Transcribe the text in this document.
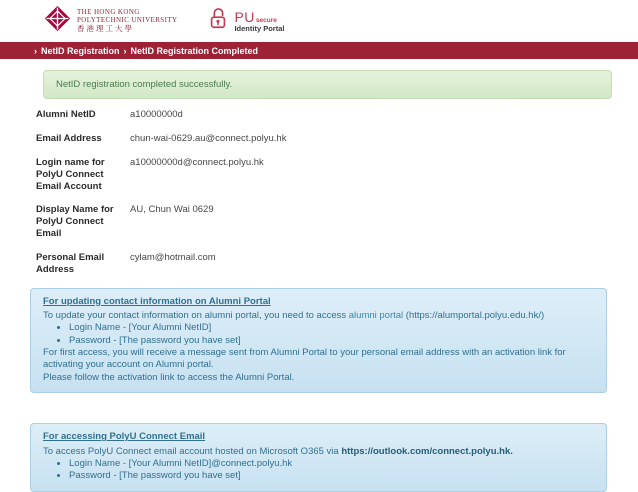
THE HONG KONG
POLYTECHNIC UNIVERSITY
香港理工大學
PU secure
Identity Portal
› NetID Registration › NetID Registration Completed
NetID registration completed successfully.
Alumni NetID	a10000000d
Email Address	chun-wai-0629.au@connect.polyu.hk
Login name for PolyU Connect Email Account
a10000000d@connect.polyu.hk
Display Name for PolyU Connect Email
AU, Chun Wai 0629
Personal Email Address
cylam@hotmail.com
For updating contact information on Alumni Portal
To update your contact information on alumni portal, you need to access alumni portal (https://alumportal.polyu.edu.hk/)
• Login Name - [Your Alumni NetID]
• Password - [The password you have set]
For first access, you will receive a message sent from Alumni Portal to your personal email address with an activation link for activating your account on Alumni portal.
Please follow the activation link to access the Alumni Portal.
For accessing PolyU Connect Email
To access PolyU Connect email account hosted on Microsoft O365 via https://outlook.com/connect.polyu.hk.
• Login Name - [Your Alumni NetID]@connect.polyu.hk
• Password - [The password you have set]
